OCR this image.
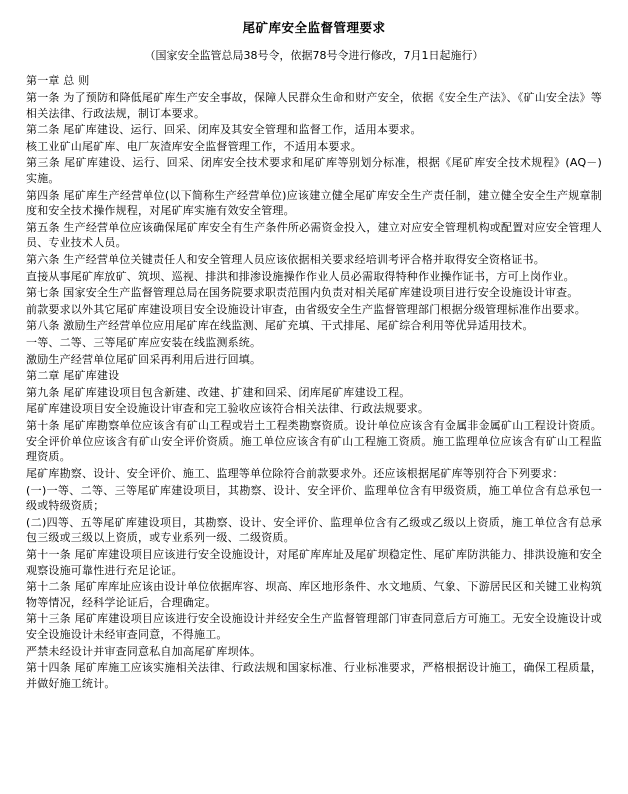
尾矿库安全监督管理要求
（国家安全监管总局38号令，依据78号令进行修改，7月1日起施行）

第一章 总 则

第一条 为了预防和降低尾矿库生产安全事故，保障人民群众生命和财产安全，依据《安全生产法》、《矿山安全法》等相关法律、行政法规，制订本要求。

第二条 尾矿库建设、运行、回采、闭库及其安全管理和监督工作，适用本要求。

核工业矿山尾矿库、电厂灰渣库安全监督管理工作，不适用本要求。

第三条 尾矿库建设、运行、回采、闭库安全技术要求和尾矿库等别划分标准，根据《尾矿库安全技术规程》(AQ－)实施。

第四条 尾矿库生产经营单位(以下简称生产经营单位)应该建立健全尾矿库安全生产责任制，建立健全安全生产规章制度和安全技术操作规程，对尾矿库实施有效安全管理。

第五条 生产经营单位应该确保尾矿库安全有生产条件所必需资金投入，建立对应安全管理机构或配置对应安全管理人员、专业技术人员。

第六条 生产经营单位关键责任人和安全管理人员应该依据相关要求经培训考评合格并取得安全资格证书。

直接从事尾矿库放矿、筑坝、巡视、排洪和排渗设施操作作业人员必需取得特种作业操作证书，方可上岗作业。

第七条 国家安全生产监督管理总局在国务院要求职责范围内负责对相关尾矿库建设项目进行安全设施设计审查。

前款要求以外其它尾矿库建设项目安全设施设计审查，由省级安全生产监督管理部门根据分级管理标准作出要求。

第八条 激励生产经营单位应用尾矿库在线监测、尾矿充填、干式排尾、尾矿综合利用等优异适用技术。

一等、二等、三等尾矿库应安装在线监测系统。

激励生产经营单位尾矿回采再利用后进行回填。

第二章 尾矿库建设

第九条 尾矿库建设项目包含新建、改建、扩建和回采、闭库尾矿库建设工程。

尾矿库建设项目安全设施设计审查和完工验收应该符合相关法律、行政法规要求。

第十条 尾矿库勘察单位应该含有矿山工程或岩土工程类勘察资质。设计单位应该含有金属非金属矿山工程设计资质。安全评价单位应该含有矿山安全评价资质。施工单位应该含有矿山工程施工资质。施工监理单位应该含有矿山工程监理资质。

尾矿库勘察、设计、安全评价、施工、监理等单位除符合前款要求外。还应该根据尾矿库等别符合下列要求：

(一)一等、二等、三等尾矿库建设项目，其勘察、设计、安全评价、监理单位含有甲级资质，施工单位含有总承包一级或特级资质；

(二)四等、五等尾矿库建设项目，其勘察、设计、安全评价、监理单位含有乙级或乙级以上资质，施工单位含有总承包三级或三级以上资质，或专业系列一级、二级资质。

第十一条 尾矿库建设项目应该进行安全设施设计，对尾矿库库址及尾矿坝稳定性、尾矿库防洪能力、排洪设施和安全观察设施可靠性进行充足论证。

第十二条 尾矿库库址应该由设计单位依据库容、坝高、库区地形条件、水文地质、气象、下游居民区和关键工业构筑物等情况，经科学论证后，合理确定。

第十三条 尾矿库建设项目应该进行安全设施设计并经安全生产监督管理部门审查同意后方可施工。无安全设施设计或安全设施设计未经审查同意，不得施工。

严禁未经设计并审查同意私自加高尾矿库坝体。

第十四条 尾矿库施工应该实施相关法律、行政法规和国家标准、行业标准要求，严格根据设计施工，确保工程质量，并做好施工统计。
